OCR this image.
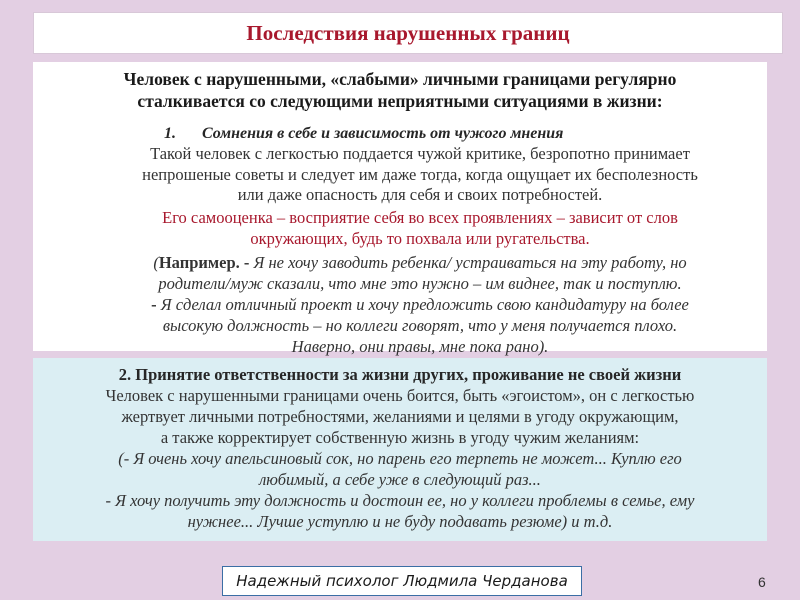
Последствия нарушенных границ

Человек с нарушенными, «слабыми» личными границами регулярно
сталкивается со следующими неприятными ситуациями в жизни:

1. Сомнения в себе и зависимость от чужого мнения

Такой человек с легкостью поддается чужой критике, безропотно принимает
непрошеные советы и следует им даже тогда, когда ощущает их бесполезность
или даже опасность для себя и своих потребностей.

Его самооценка – восприятие себя во всех проявлениях – зависит от слов
окружающих, будь то похвала или ругательства.

(Например. - Я не хочу заводить ребенка/ устраиваться на эту работу, но
родители/муж сказали, что мне это нужно – им виднее, так и поступлю.
- Я сделал отличный проект и хочу предложить свою кандидатуру на более
высокую должность – но коллеги говорят, что у меня получается плохо.
Наверно, они правы, мне пока рано).

2. Принятие ответственности за жизни других, проживание не своей жизни

Человек с нарушенными границами очень боится, быть «эгоистом», он с легкостью
жертвует личными потребностями, желаниями и целями в угоду окружающим,
а также корректирует собственную жизнь в угоду чужим желаниям:

(- Я очень хочу апельсиновый сок, но парень его терпеть не может... Куплю его
любимый, а себе уже в следующий раз...
- Я хочу получить эту должность и достоин ее, но у коллеги проблемы в семье, ему
нужнее... Лучше уступлю и не буду подавать резюме) и т.д.

Надежный психолог Людмила Черданова	6
